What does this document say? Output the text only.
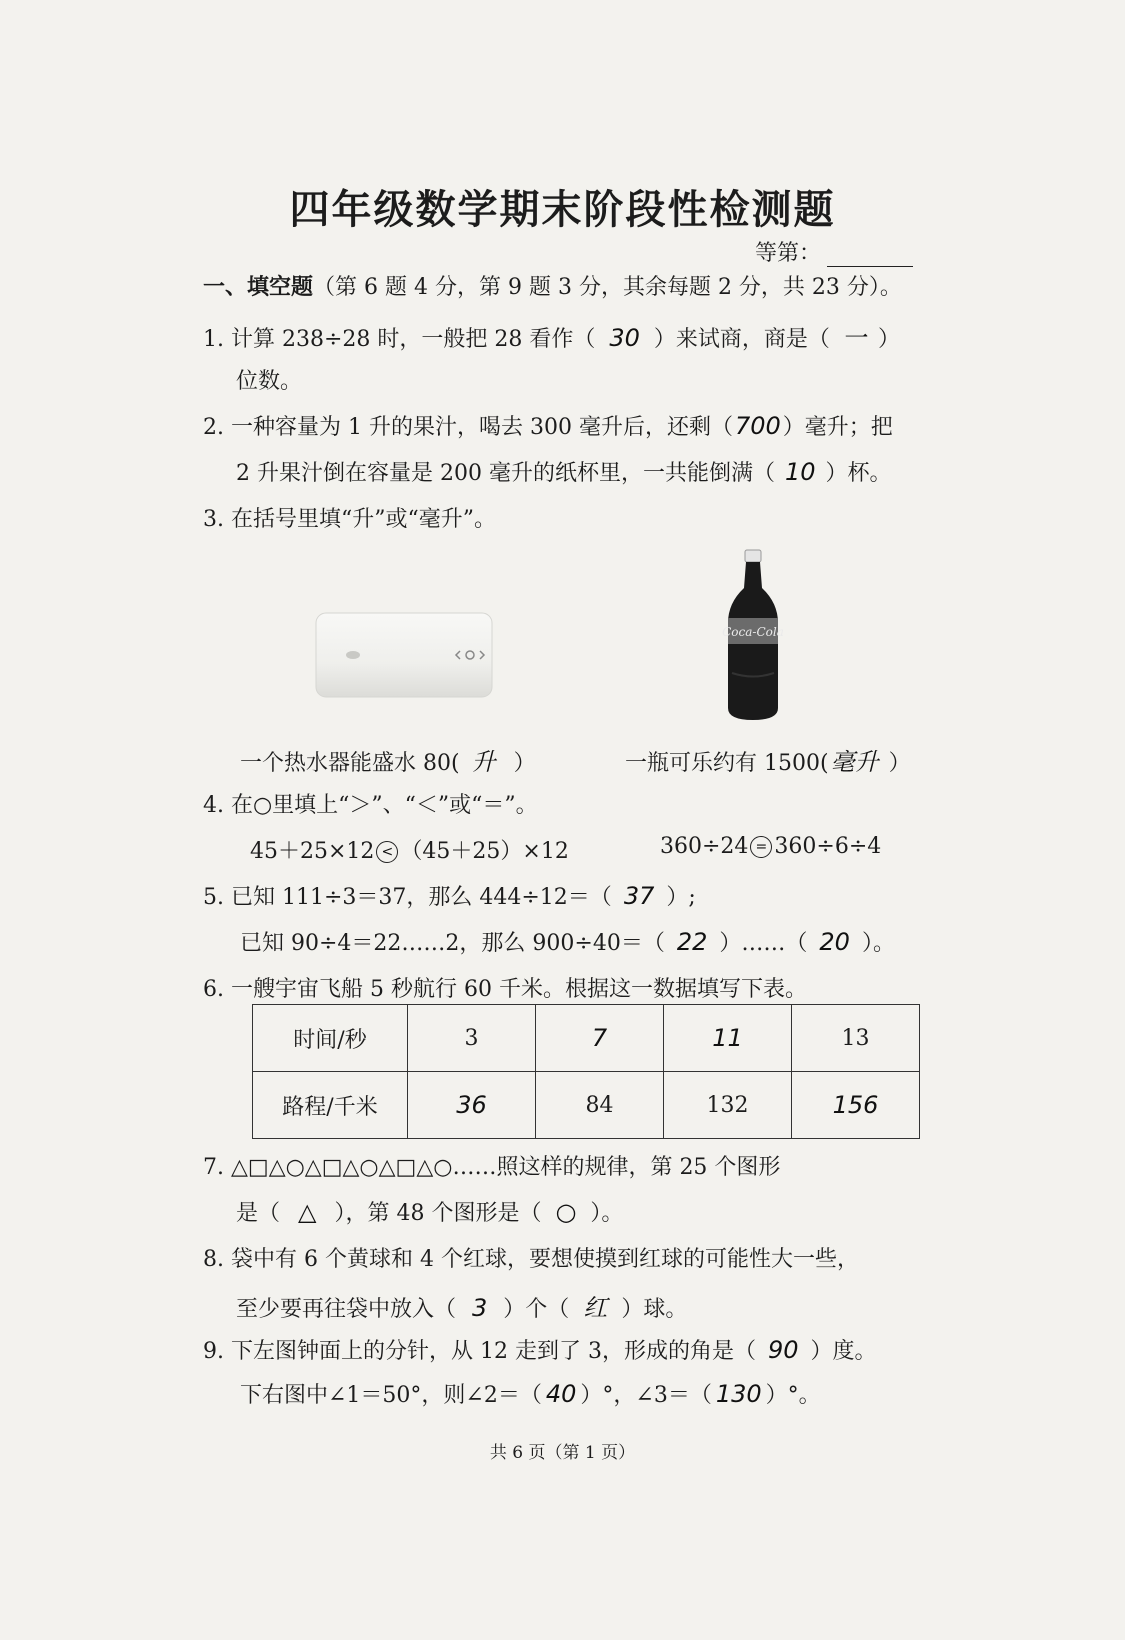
四年级数学期末阶段性检测题
等第：
一、填空题（第 6 题 4 分，第 9 题 3 分，其余每题 2 分，共 23 分）。
1. 计算 238÷28 时，一般把 28 看作（ 30 ）来试商，商是（ 一 ）
位数。
2. 一种容量为 1 升的果汁，喝去 300 毫升后，还剩（700）毫升；把
2 升果汁倒在容量是 200 毫升的纸杯里，一共能倒满（ 10 ）杯。
3. 在括号里填“升”或“毫升”。
Coca-Cola
一个热水器能盛水 80( 升 ）	一瓶可乐约有 1500(毫升 ）
4. 在○里填上“＞”、“＜”或“＝”。
45＋25×12 < （45＋25）×12	360÷24 = 360÷6÷4
5. 已知 111÷3＝37，那么 444÷12＝（ 37 ）;
已知 90÷4＝22……2，那么 900÷40＝（ 22 ）……（ 20 ）。
6. 一艘宇宙飞船 5 秒航行 60 千米。根据这一数据填写下表。
时间/秒	3	7	11	13
路程/千米	36	84	132	156
7. △□△○△□△○△□△○……照这样的规律，第 25 个图形
是（ △ ），第 48 个图形是（ ○ ）。
8. 袋中有 6 个黄球和 4 个红球，要想使摸到红球的可能性大一些，
至少要再往袋中放入（ 3 ）个（ 红 ）球。
9. 下左图钟面上的分针，从 12 走到了 3，形成的角是（ 90 ）度。
下右图中∠1＝50°，则∠2＝（ 40 ）°，∠3＝（ 130 ）°。
共 6 页（第 1 页）
